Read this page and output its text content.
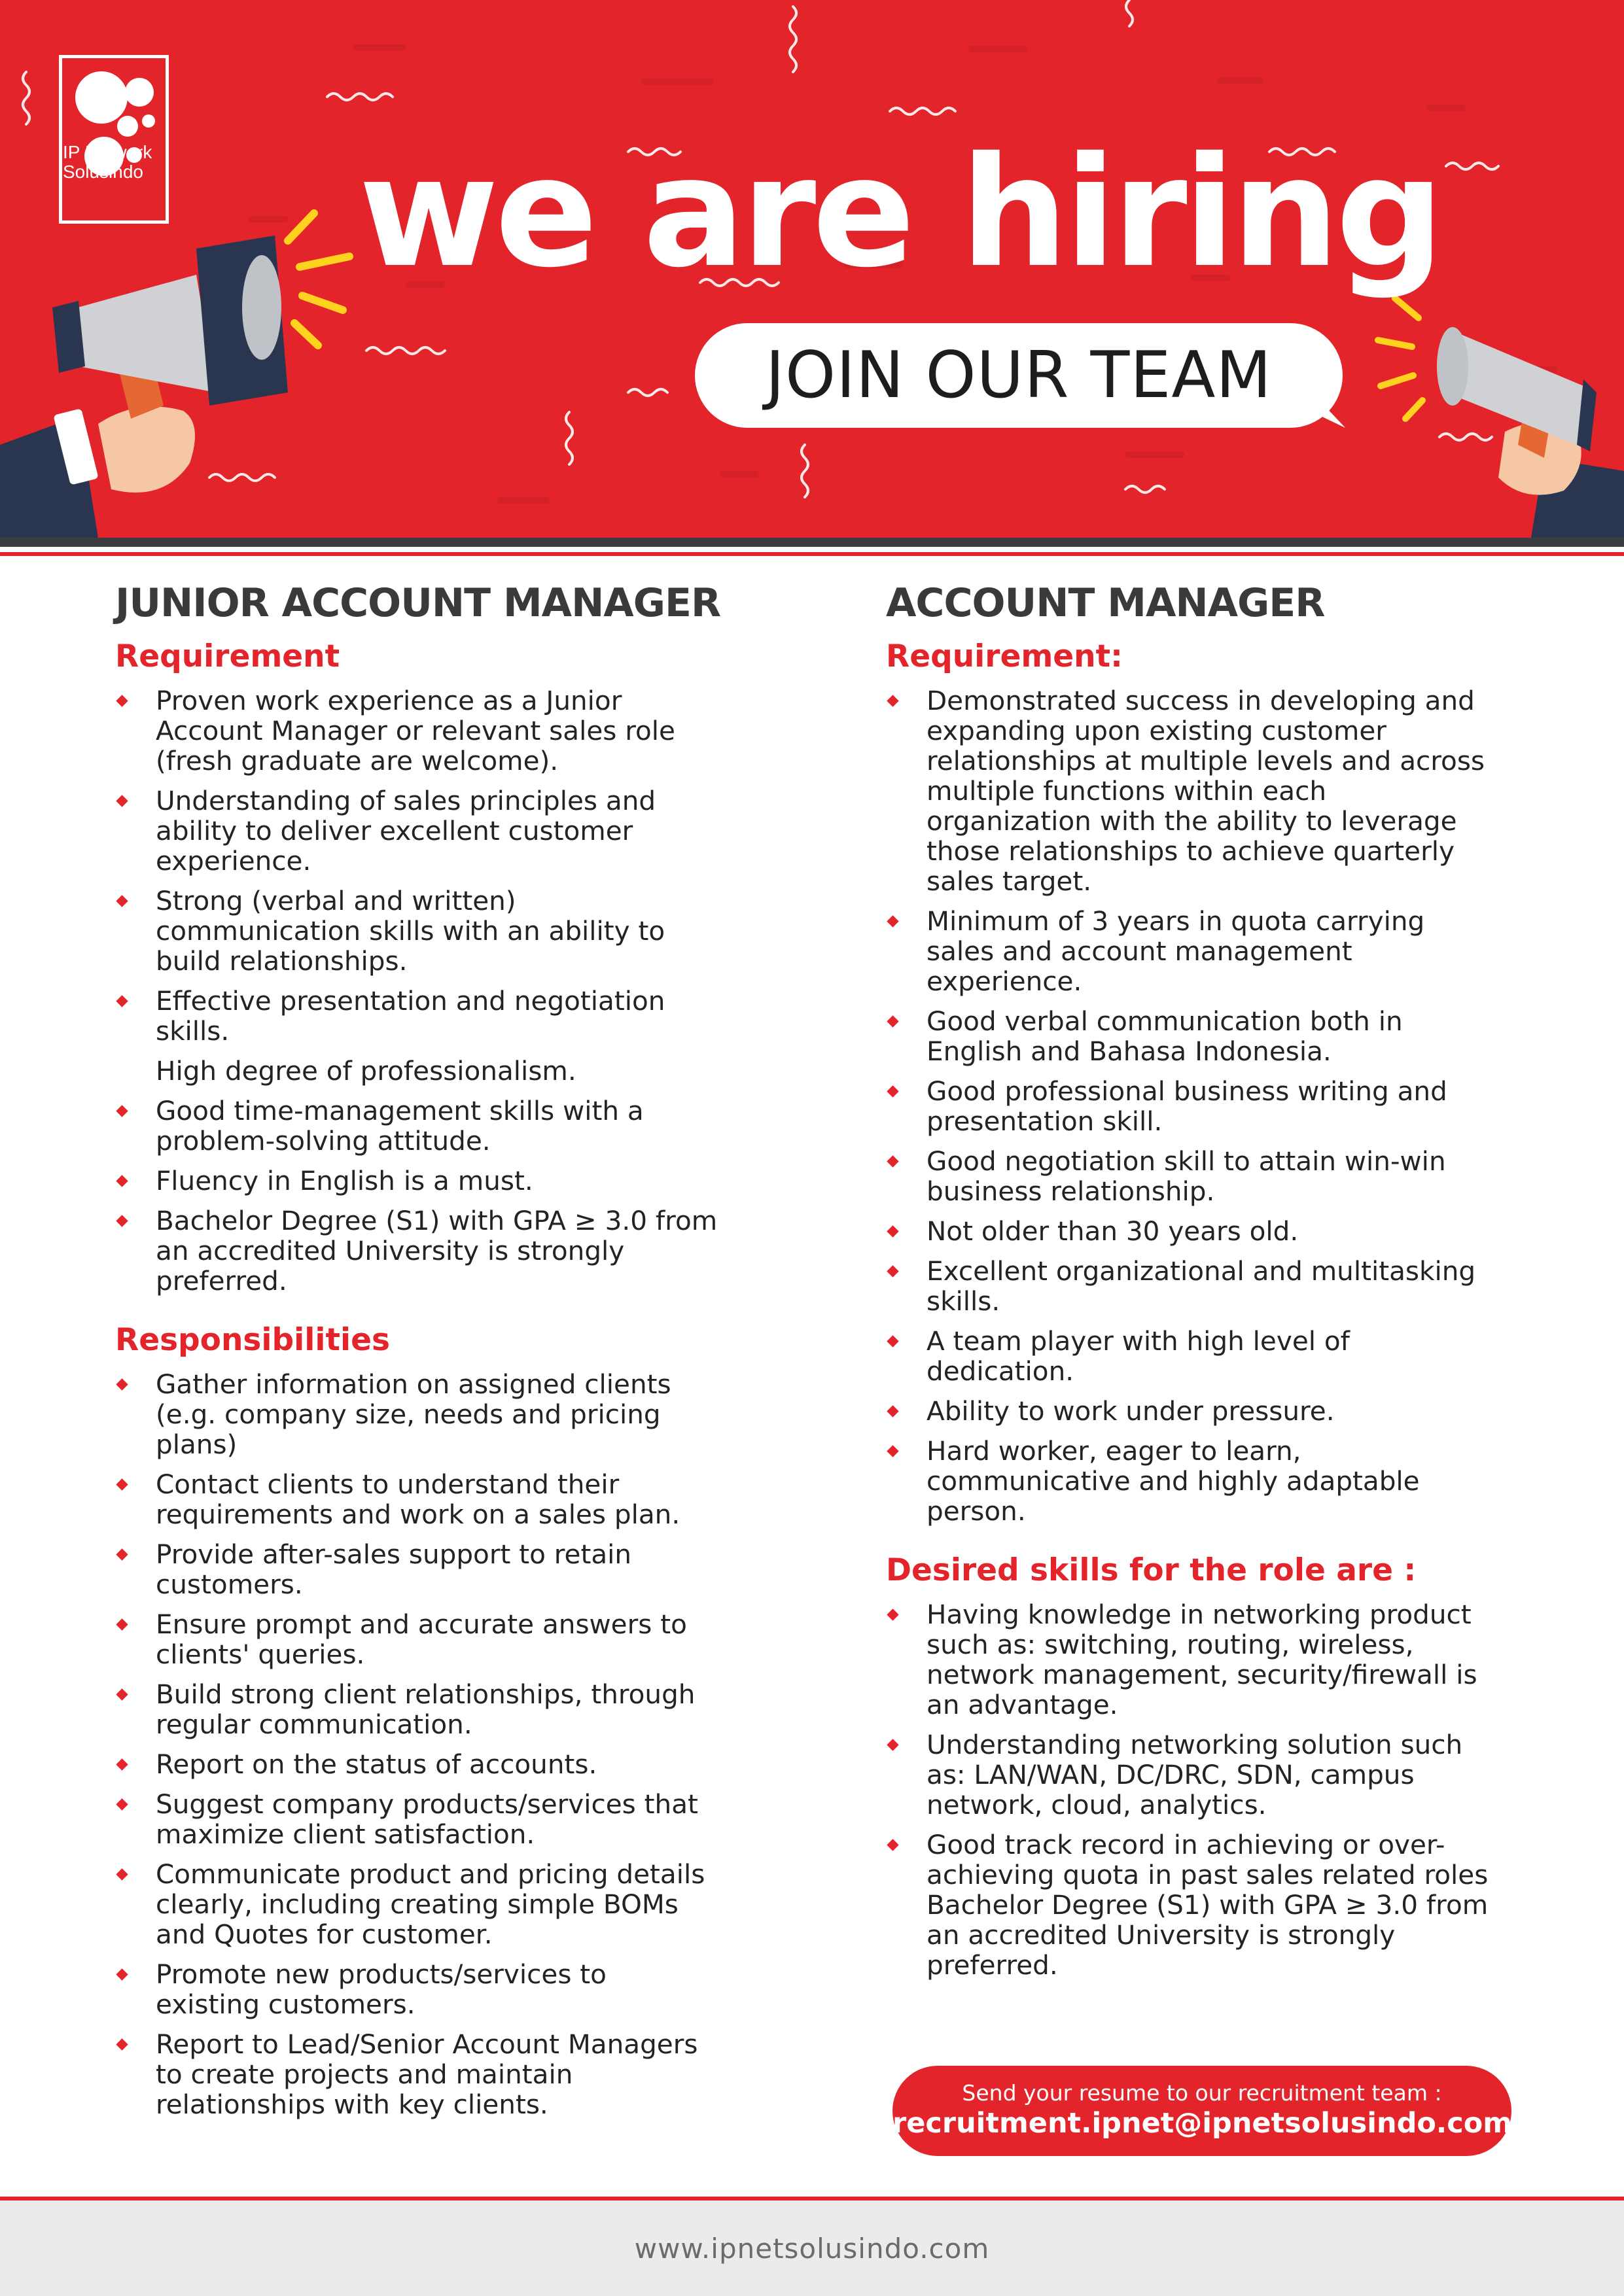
IP Network Solusindo we are hiring
JOIN OUR TEAM
JUNIOR ACCOUNT MANAGER
Requirement
Proven work experience as a Junior
Account Manager or relevant sales role
(fresh graduate are welcome).
Understanding of sales principles and
ability to deliver excellent customer
experience.
Strong (verbal and written)
communication skills with an ability to
build relationships.
Effective presentation and negotiation
skills.
High degree of professionalism.
Good time-management skills with a
problem-solving attitude.
Fluency in English is a must.
Bachelor Degree (S1) with GPA ≥ 3.0 from
an accredited University is strongly
preferred.
Responsibilities
Gather information on assigned clients
(e.g. company size, needs and pricing
plans)
Contact clients to understand their
requirements and work on a sales plan.
Provide after-sales support to retain
customers.
Ensure prompt and accurate answers to
clients' queries.
Build strong client relationships, through
regular communication.
Report on the status of accounts.
Suggest company products/services that
maximize client satisfaction.
Communicate product and pricing details
clearly, including creating simple BOMs
and Quotes for customer.
Promote new products/services to
existing customers.
Report to Lead/Senior Account Managers
to create projects and maintain
relationships with key clients.
ACCOUNT MANAGER
Requirement:
Demonstrated success in developing and
expanding upon existing customer
relationships at multiple levels and across
multiple functions within each
organization with the ability to leverage
those relationships to achieve quarterly
sales target.
Minimum of 3 years in quota carrying
sales and account management
experience.
Good verbal communication both in
English and Bahasa Indonesia.
Good professional business writing and
presentation skill.
Good negotiation skill to attain win-win
business relationship.
Not older than 30 years old.
Excellent organizational and multitasking
skills.
A team player with high level of
dedication.
Ability to work under pressure.
Hard worker, eager to learn,
communicative and highly adaptable
person.
Desired skills for the role are :
Having knowledge in networking product
such as: switching, routing, wireless,
network management, security/firewall is
an advantage.
Understanding networking solution such
as: LAN/WAN, DC/DRC, SDN, campus
network, cloud, analytics.
Good track record in achieving or over-
achieving quota in past sales related roles
Bachelor Degree (S1) with GPA ≥ 3.0 from
an accredited University is strongly
preferred.
Send your resume to our recruitment team :
recruitment.ipnet@ipnetsolusindo.com
www.ipnetsolusindo.com
